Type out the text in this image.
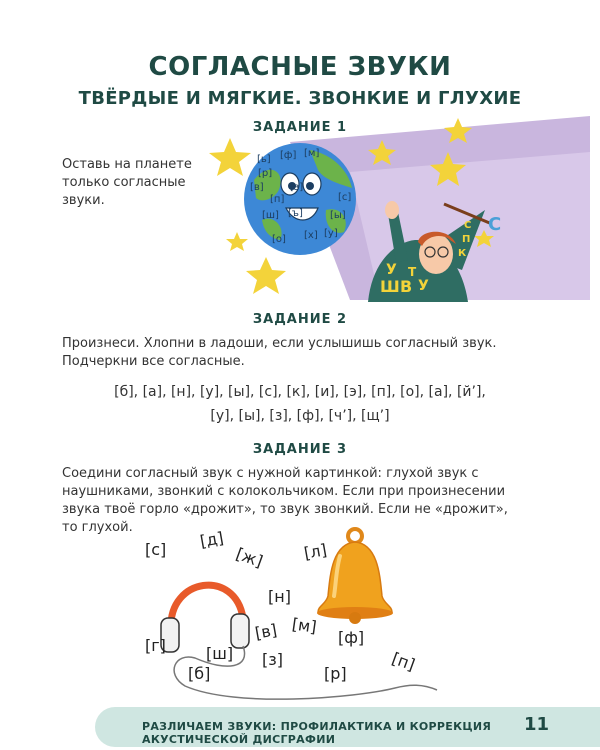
СОГЛАСНЫЕ ЗВУКИ
ТВЁРДЫЕ И МЯГКИЕ. ЗВОНКИЕ И ГЛУХИЕ
ЗАДАНИЕ 1
Оставь на планете
только согласные
звуки.
С
П
К
С
У
Ш В У
Т
[ь] [ф] [м]
[в]
[р]
[з]
[п]
[ш] [ъ]
[о] [х] [у]
[с]
[ы]
ЗАДАНИЕ 2
Произнеси. Хлопни в ладоши, если услышишь согласный звук.
Подчеркни все согласные.
[б], [а], [н], [у], [ы], [с], [к], [и], [э], [п], [о], [а], [й’],
[у], [ы], [з], [ф], [ч’], [щ’]
ЗАДАНИЕ 3
Соедини согласный звук с нужной картинкой: глухой звук с
наушниками, звонкий с колокольчиком. Если при произнесении
звука твоё горло «дрожит», то звук звонкий. Если не «дрожит»,
то глухой.
[с] [д]
[ж] [л]
[н]
[г]
[в] [м]
[ф]
[ш] [з]
[б]	[р]	[п]
РАЗЛИЧАЕМ ЗВУКИ: ПРОФИЛАКТИКА И КОРРЕКЦИЯ АКУСТИЧЕСКОЙ ДИСГРАФИИ
11
